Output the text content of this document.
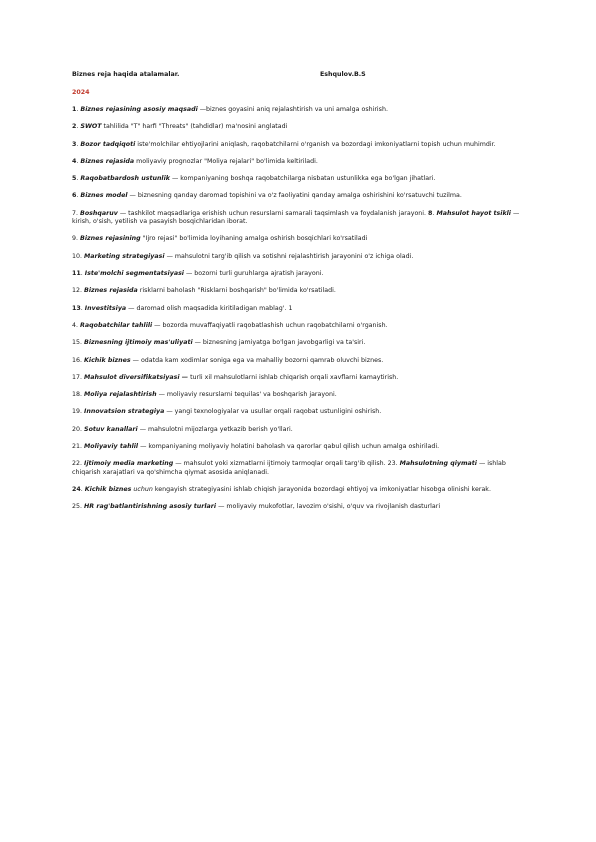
Biznes reja haqida atalamalar.	Eshqulov.B.S
2024
1. Biznes rejasining asosiy maqsadi —biznes goyasini aniq rejalashtirish va uni amalga oshirish.
2. SWOT tahlilida "T" harfi "Threats" (tahdidlar) ma'nosini anglatadi
3. Bozor tadqiqoti iste'molchilar ehtiyojlarini aniqlash, raqobatchilarni o'rganish va bozordagi imkoniyatlarni topish uchun muhimdir.
4. Biznes rejasida moliyaviy prognozlar "Moliya rejalari" bo'limida keltiriladi.
5. Raqobatbardosh ustunlik — kompaniyaning boshqa raqobatchilarga nisbatan ustunlikka ega bo'lgan jihatlari.
6. Biznes model — biznesning qanday daromad topishini va o'z faoliyatini qanday amalga oshirishini ko'rsatuvchi tuzilma.
7. Boshqaruv — tashkilot maqsadlariga erishish uchun resurslarni samarali taqsimlash va foydalanish jarayoni. 8. Mahsulot hayot tsikli — kirish, o'sish, yetilish va pasayish bosqichlaridan iborat.
9. Biznes rejasining "Ijro rejasi" bo'limida loyihaning amalga oshirish bosqichlari ko'rsatiladi
10. Marketing strategiyasi — mahsulotni targ'ib qilish va sotishni rejalashtirish jarayonini o'z ichiga oladi.
11. Iste'molchi segmentatsiyasi — bozorni turli guruhlarga ajratish jarayoni.
12. Biznes rejasida risklarni baholash "Risklarni boshqarish" bo'limida ko'rsatiladi.
13. Investitsiya — daromad olish maqsadida kiritiladigan mablag'. 1
4. Raqobatchilar tahlili — bozorda muvaffaqiyatli raqobatlashish uchun raqobatchilarni o'rganish.
15. Biznesning ijtimoiy mas'uliyati — biznesning jamiyatga bo'lgan javobgarligi va ta'siri.
16. Kichik biznes — odatda kam xodimlar soniga ega va mahalliy bozorni qamrab oluvchi biznes.
17. Mahsulot diversifikatsiyasi — turli xil mahsulotlarni ishlab chiqarish orqali xavflarni kamaytirish.
18. Moliya rejalashtirish — moliyaviy resurslarni tequilas' va boshqarish jarayoni.
19. Innovatsion strategiya — yangi texnologiyalar va usullar orqali raqobat ustunligini oshirish.
20. Sotuv kanallari — mahsulotni mijozlarga yetkazib berish yo'llari.
21. Moliyaviy tahlil — kompaniyaning moliyaviy holatini baholash va qarorlar qabul qilish uchun amalga oshiriladi.
22. Ijtimoiy media marketing — mahsulot yoki xizmatlarni ijtimoiy tarmoqlar orqali targ'ib qilish. 23. Mahsulotning qiymati — ishlab chiqarish xarajatlari va qo'shimcha qiymat asosida aniqlanadi.
24. Kichik biznes uchun kengayish strategiyasini ishlab chiqish jarayonida bozordagi ehtiyoj va imkoniyatlar hisobga olinishi kerak.
25. HR rag'batlantirishning asosiy turlari — moliyaviy mukofotlar, lavozim o'sishi, o'quv va rivojlanish dasturlari
